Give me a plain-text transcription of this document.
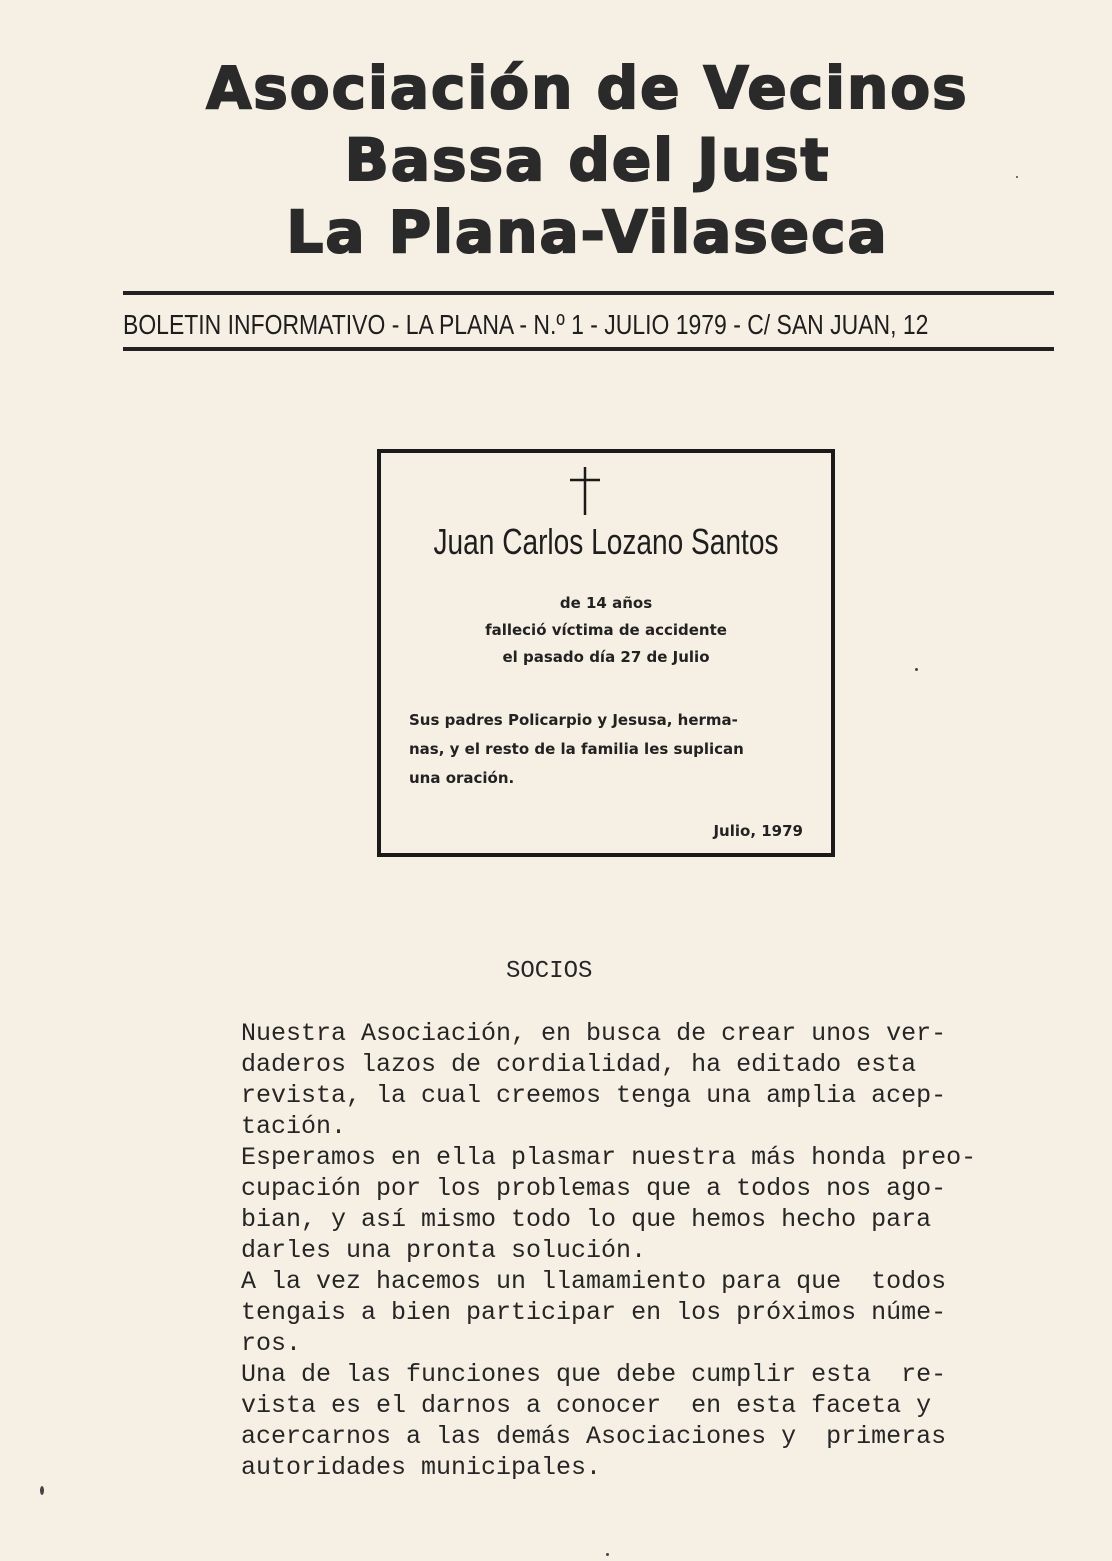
Asociación de Vecinos
Bassa del Just
La Plana-Vilaseca
BOLETIN INFORMATIVO - LA PLANA - N.º 1 - JULIO 1979 - C/ SAN JUAN, 12
Juan Carlos Lozano Santos
de 14 años
falleció víctima de accidente
el pasado día 27 de Julio
Sus padres Policarpio y Jesusa, herma-
nas, y el resto de la familia les suplican
una oración.
Julio, 1979
SOCIOS
Nuestra Asociación, en busca de crear unos ver-
daderos lazos de cordialidad, ha editado esta
revista, la cual creemos tenga una amplia acep-
tación.
Esperamos en ella plasmar nuestra más honda preo-
cupación por los problemas que a todos nos ago-
bian, y así mismo todo lo que hemos hecho para
darles una pronta solución.
A la vez hacemos un llamamiento para que  todos
tengais a bien participar en los próximos núme-
ros.
Una de las funciones que debe cumplir esta  re-
vista es el darnos a conocer  en esta faceta y
acercarnos a las demás Asociaciones y  primeras
autoridades municipales.
